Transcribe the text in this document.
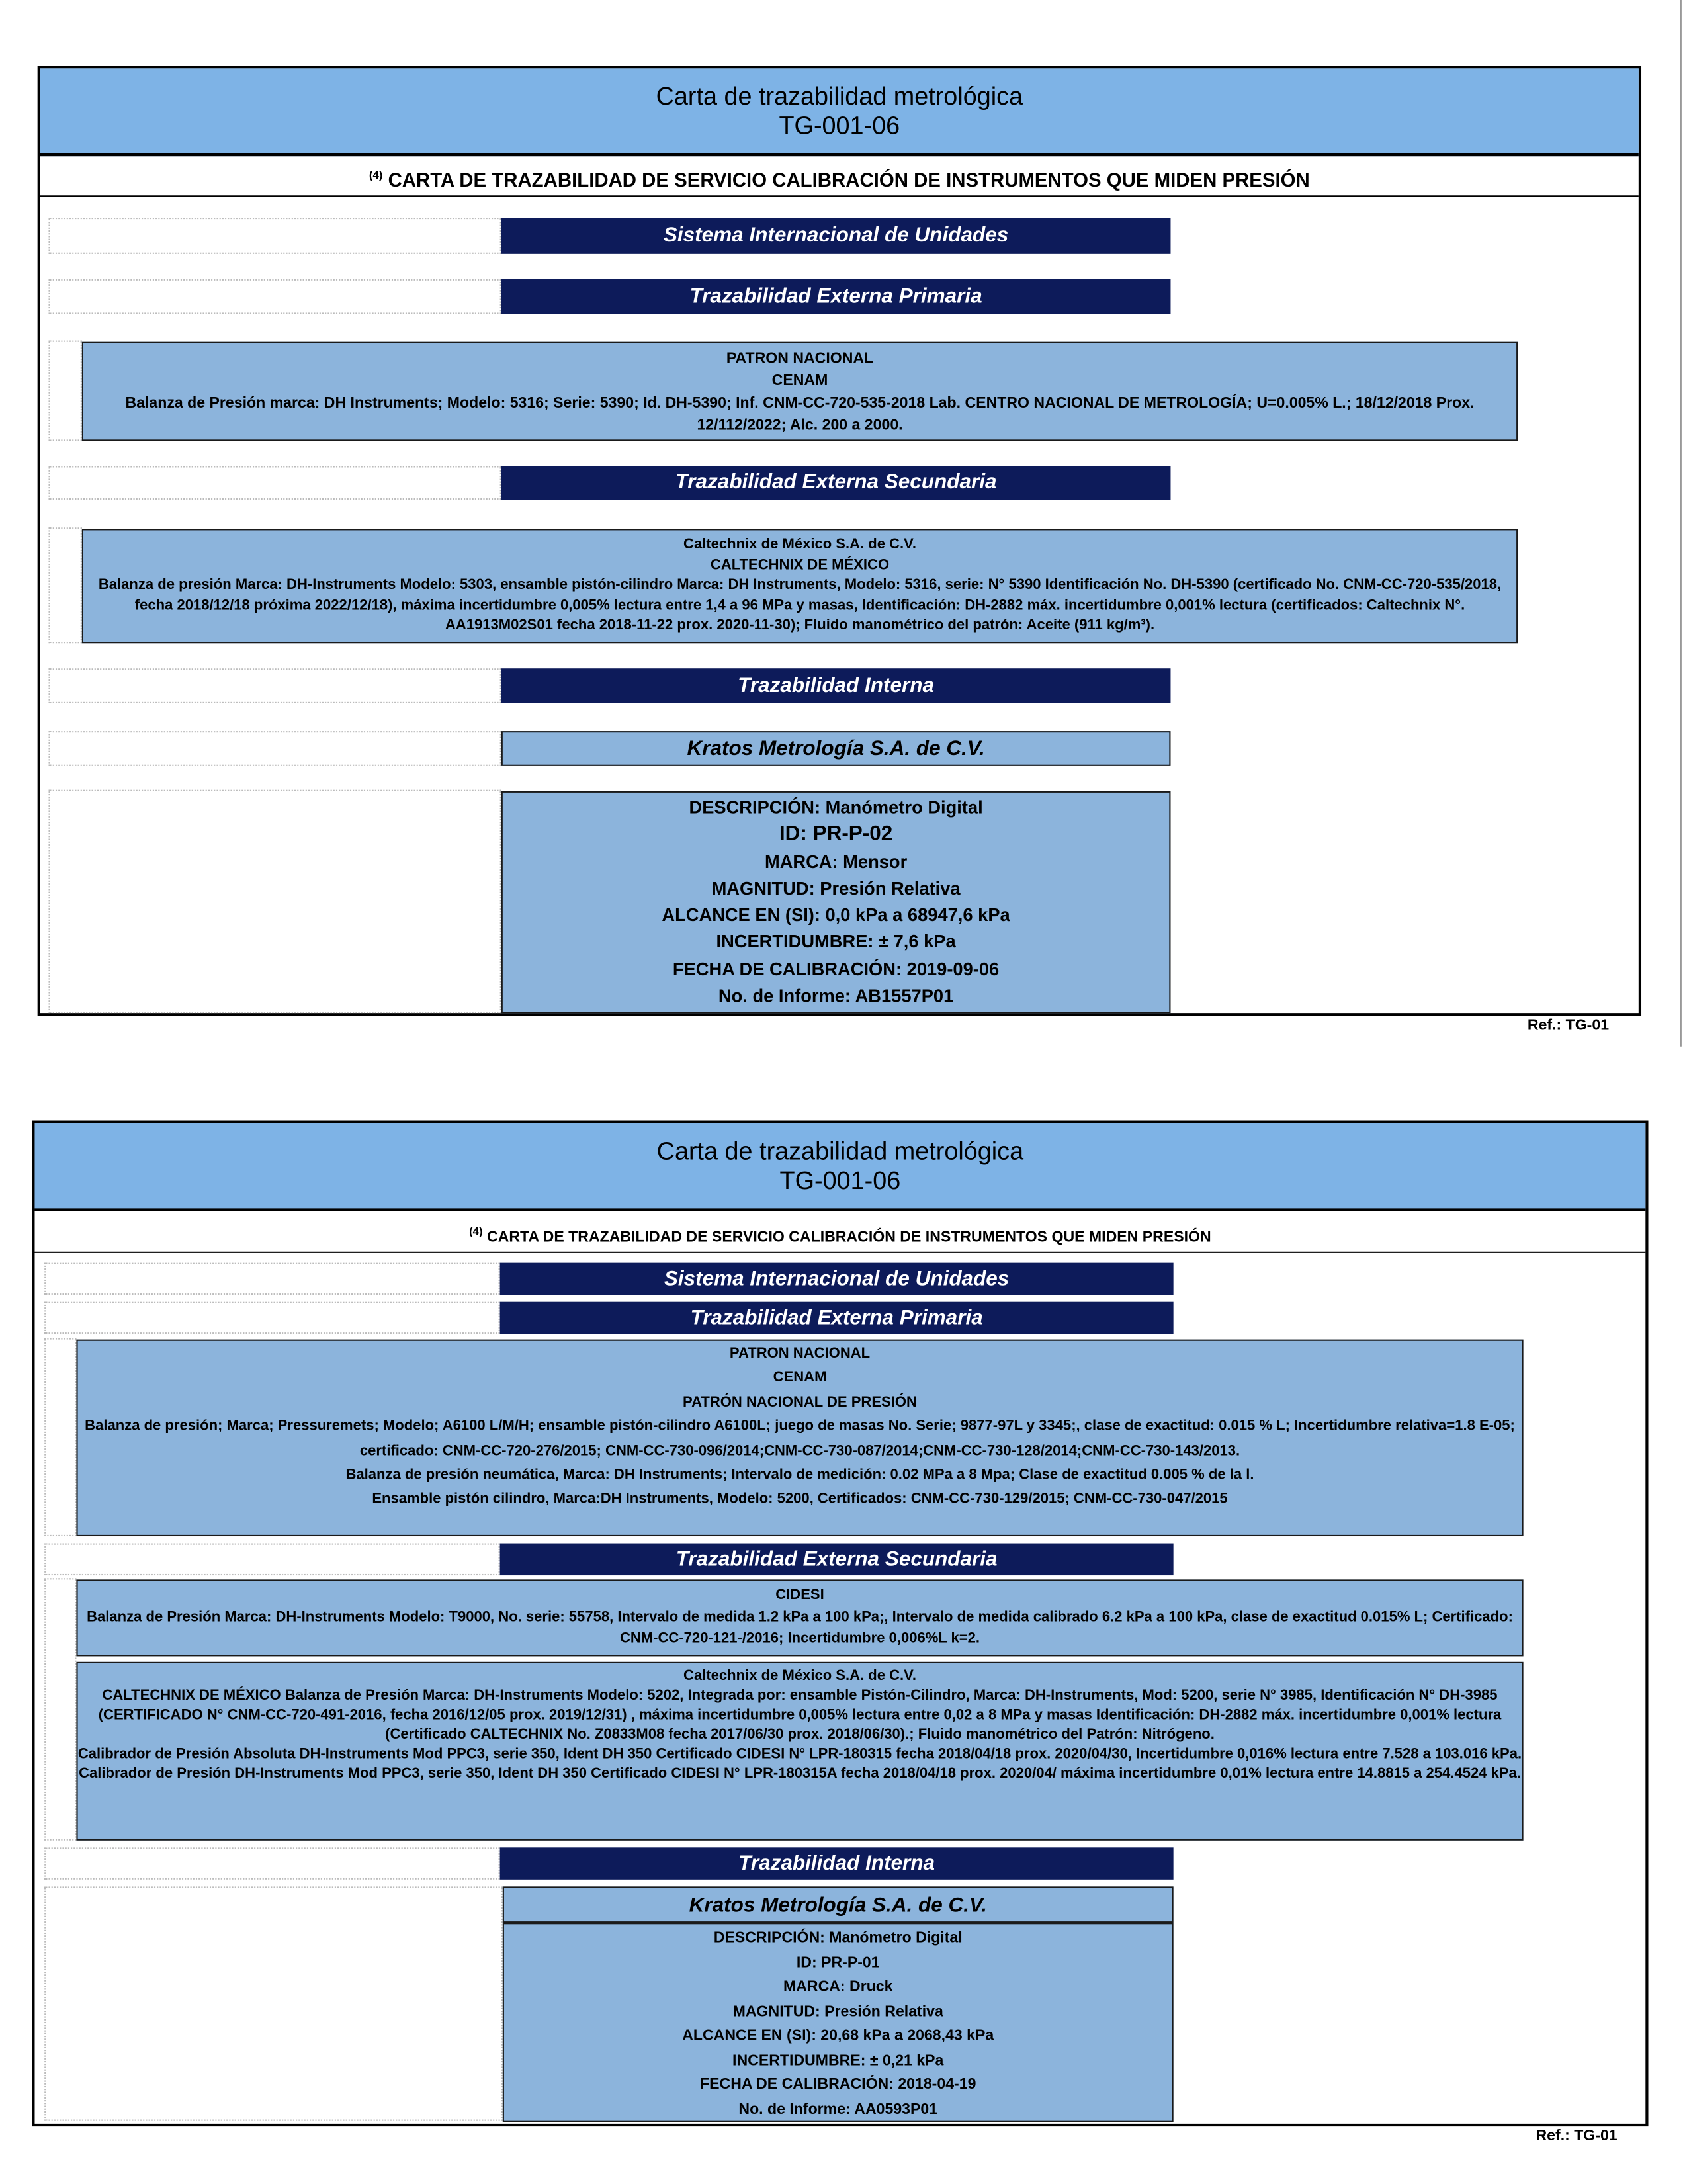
Carta de trazabilidad metrológica
TG-001-06
$^{(4)}$ CARTA DE TRAZABILIDAD DE SERVICIO CALIBRACIÓN DE INSTRUMENTOS QUE MIDEN PRESIÓN
Sistema Internacional de Unidades
Trazabilidad Externa Primaria
PATRON NACIONAL
CENAM
Balanza de Presión marca: DH Instruments; Modelo: 5316; Serie: 5390; Id. DH-5390; Inf. CNM-CC-720-535-2018 Lab. CENTRO NACIONAL DE METROLOGÍA; U=0.005% L.; 18/12/2018 Prox. 12/112/2022; Alc. 200 a 2000.
Trazabilidad Externa Secundaria
Caltechnix de México S.A. de C.V.
CALTECHNIX DE MÉXICO
Balanza de presión Marca: DH-Instruments Modelo: 5303, ensamble pistón-cilindro Marca: DH Instruments, Modelo: 5316, serie: N° 5390 Identificación No. DH-5390 (certificado No. CNM-CC-720-535/2018, fecha 2018/12/18 próxima 2022/12/18), máxima incertidumbre 0,005% lectura entre 1,4 a 96 MPa y masas, Identificación: DH-2882 máx. incertidumbre 0,001% lectura (certificados: Caltechnix N°. AA1913M02S01 fecha 2018-11-22 prox. 2020-11-30); Fluido manométrico del patrón: Aceite (911 kg/m³).
Trazabilidad Interna
Kratos Metrología S.A. de C.V.
DESCRIPCIÓN: Manómetro Digital
ID: PR-P-02
MARCA: Mensor
MAGNITUD: Presión Relativa
ALCANCE EN (SI): 0,0 kPa a 68947,6 kPa
INCERTIDUMBRE: ± 7,6 kPa
FECHA DE CALIBRACIÓN: 2019-09-06
No. de Informe: AB1557P01
Ref.: TG-01
Carta de trazabilidad metrológica
TG-001-06
$^{(4)}$ CARTA DE TRAZABILIDAD DE SERVICIO CALIBRACIÓN DE INSTRUMENTOS QUE MIDEN PRESIÓN
Sistema Internacional de Unidades
Trazabilidad Externa Primaria
PATRON NACIONAL
CENAM
PATRÓN NACIONAL DE PRESIÓN
Balanza de presión; Marca; Pressuremets; Modelo; A6100 L/M/H; ensamble pistón-cilindro A6100L; juego de masas No. Serie; 9877-97L y 3345;, clase de exactitud: 0.015 % L; Incertidumbre relativa=1.8 E-05; certificado: CNM-CC-720-276/2015; CNM-CC-730-096/2014;CNM-CC-730-087/2014;CNM-CC-730-128/2014;CNM-CC-730-143/2013.
Balanza de presión neumática, Marca: DH Instruments; Intervalo de medición: 0.02 MPa a 8 Mpa; Clase de exactitud 0.005 % de la l.
Ensamble pistón cilindro, Marca:DH Instruments, Modelo: 5200, Certificados: CNM-CC-730-129/2015; CNM-CC-730-047/2015
Trazabilidad Externa Secundaria
CIDESI
Balanza de Presión Marca: DH-Instruments Modelo: T9000, No. serie: 55758, Intervalo de medida 1.2 kPa a 100 kPa;, Intervalo de medida calibrado 6.2 kPa a 100 kPa, clase de exactitud 0.015% L; Certificado: CNM-CC-720-121-/2016; Incertidumbre 0,006%L k=2.
Caltechnix de México S.A. de C.V.
CALTECHNIX DE MÉXICO Balanza de Presión Marca: DH-Instruments Modelo: 5202, Integrada por: ensamble Pistón-Cilindro, Marca: DH-Instruments, Mod: 5200, serie N° 3985, Identificación N° DH-3985 (CERTIFICADO N° CNM-CC-720-491-2016, fecha 2016/12/05 prox. 2019/12/31) , máxima incertidumbre 0,005% lectura entre 0,02 a 8 MPa y masas Identificación: DH-2882 máx. incertidumbre 0,001% lectura (Certificado CALTECHNIX No. Z0833M08 fecha 2017/06/30 prox. 2018/06/30).; Fluido manométrico del Patrón: Nitrógeno.
Calibrador de Presión Absoluta DH-Instruments Mod PPC3, serie 350, Ident DH 350 Certificado CIDESI N° LPR-180315 fecha 2018/04/18 prox. 2020/04/30, Incertidumbre 0,016% lectura entre 7.528 a 103.016 kPa. Calibrador de Presión DH-Instruments Mod PPC3, serie 350, Ident DH 350 Certificado CIDESI N° LPR-180315A fecha 2018/04/18 prox. 2020/04/ máxima incertidumbre 0,01% lectura entre 14.8815 a 254.4524 kPa.
Trazabilidad Interna
Kratos Metrología S.A. de C.V.
DESCRIPCIÓN: Manómetro Digital
ID: PR-P-01
MARCA: Druck
MAGNITUD: Presión Relativa
ALCANCE EN (SI): 20,68 kPa a 2068,43 kPa
INCERTIDUMBRE: ± 0,21 kPa
FECHA DE CALIBRACIÓN: 2018-04-19
No. de Informe: AA0593P01
Ref.: TG-01
